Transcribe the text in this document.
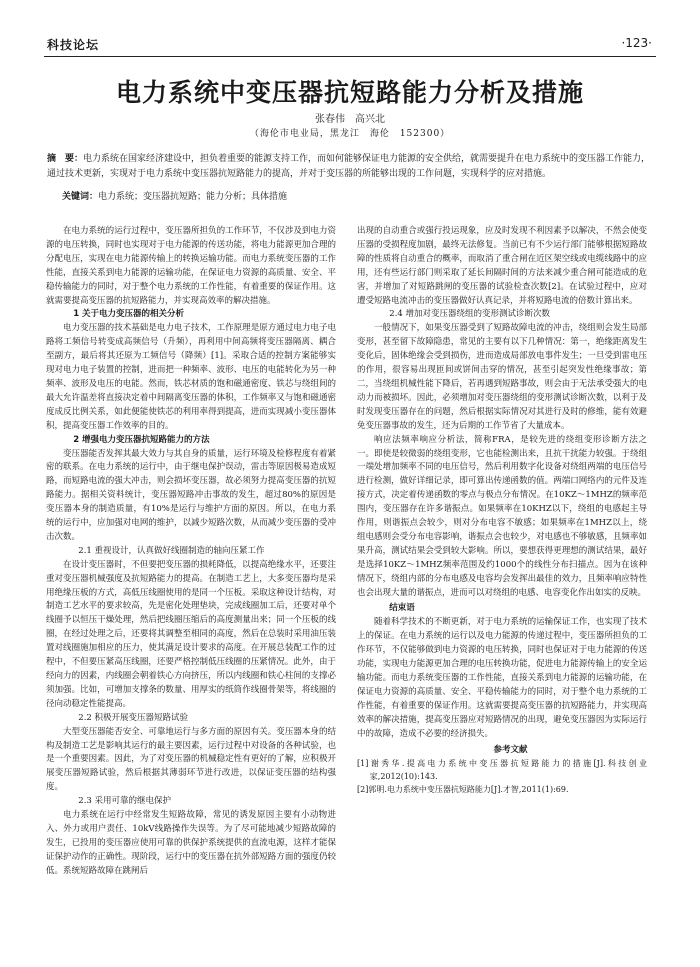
科技论坛	·123·
电力系统中变压器抗短路能力分析及措施
张春伟　高兴北
（海伦市电业局，黑龙江　海伦　152300）
摘　要：电力系统在国家经济建设中，担负着重要的能源支持工作，而如何能够保证电力能源的安全供给，就需要提升在电力系统中的变压器工作能力，通过技术更新，实现对于电力系统中变压器抗短路能力的提高，并对于变压器的所能够出现的工作问题，实现科学的应对措施。
关键词：电力系统；变压器抗短路；能力分析；具体措施

在电力系统的运行过程中，变压器所担负的工作环节，不仅涉及到电力资源的电压转换，同时也实现对于电力能源的传送功能，将电力能源更加合理的分配电压，实现在电力能源传输上的转换运输功能。而电力系统变压器的工作性能，直接关系到电力能源的运输功能，在保证电力资源的高质量、安全、平稳传输能力的同时，对于整个电力系统的工作性能，有着重要的保证作用。这就需要提高变压器的抗短路能力，并实现高效率的解决措施。

1 关于电力变压器的相关分析

电力变压器的技术基础是电力电子技术，工作原理是原方通过电力电子电路将工频信号转变成高频信号（升频），再利用中间高频将变压器隔离、耦合至副方，最后将其还原为工频信号（降频）[1]。采取合适的控制方案能够实现对电力电子装置的控制，进而把一种频率、波形、电压的电能转化为另一种频率、波形及电压的电能。然而，铁芯材质的饱和磁通密度、铁芯与绕组间的最大允许温差将直接决定着中间隔离变压器的体积，工作频率又与饱和磁通密度成反比例关系，如此便能使铁芯的利用率得到提高，进而实现减小变压器体积，提高变压器工作效率的目的。

2 增强电力变压器抗短路能力的方法

变压器能否发挥其最大效力与其自身的质量，运行环境及检修程度有着紧密的联系。在电力系统的运行中，由于继电保护误动，雷击等原因极易造成短路，而短路电流的强大冲击，则会损坏变压器，故必须努力提高变压器的抗短路能力。据相关资料统计，变压器短路冲击事故的发生，超过80%的原因是变压器本身的制造质量，有10%是运行与维护方面的原因。所以，在电力系统的运行中，应加强对电网的维护，以减少短路次数，从而减少变压器的受冲击次数。

2.1 重视设计，认真做好线圈制造的轴向压紧工作

在设计变压器时，不但要把变压器的损耗降低，以提高绝缘水平，还要注重对变压器机械强度及抗短路能力的提高。在制造工艺上，大多变压器均是采用绝缘压板的方式，高低压线圈使用的是同一个压板。采取这种设计结构，对制造工艺水平的要求较高，先是密化处理垫块，完成线圈加工后，还要对单个线圈予以恒压干燥处理，然后把线圈压缩后的高度测量出来；同一个压板的线圈，在经过处理之后，还要将其调整至相同的高度，然后在总装时采用油压装置对线圈施加相应的压力，使其满足设计要求的高度。在开展总装配工作的过程中，不但要压紧高压线圈，还要严格控制低压线圈的压紧情况。此外，由于经向力的因素，内线圈会朝着铁心方向挤压，所以内线圈和铁心柱间的支撑必须加强。比如，可增加支撑条的数量、用厚实的纸筒作线圈骨架等，将线圈的径向动稳定性能提高。

2.2 积极开展变压器短路试验

大型变压器能否安全、可靠地运行与多方面的原因有关。变压器本身的结构及制造工艺是影响其运行的最主要因素，运行过程中对设备的各种试验，也是一个重要因素。因此，为了对变压器的机械稳定性有更好的了解，应积极开展变压器短路试验，然后根据其薄弱环节进行改进，以保证变压器的结构强度。

2.3 采用可靠的继电保护

电力系统在运行中经常发生短路故障，常见的诱发原因主要有小动物进入、外力或用户责任、10kV线路操作失误等。为了尽可能地减少短路故障的发生，已投用的变压器应使用可靠的供保护系统提供的直流电源，这样才能保证保护动作的正确性。现阶段，运行中的变压器在抗外部短路方面的强度仍较低。系统短路故障在跳闸后

出现的自动重合或强行投运现象，应及时发现不利因素予以解决，不然会使变压器的受损程度加剧，最终无法修复。当前已有不少运行部门能够根据短路故障的性质将自动重合的概率，而取消了重合闸在近区架空线或电缆线路中的应用，还有些运行部门则采取了延长间隔时间的方法来减少重合闸可能造成的危害，并增加了对短路跳闸的变压器的试验检查次数[2]。在试验过程中，应对遭受短路电流冲击的变压器做好认真记录，并将短路电流的倍数计算出来。

2.4 增加对变压器绕组的变形测试诊断次数

一般情况下，如果变压器受到了短路故障电流的冲击，绕组则会发生局部变形，甚至留下故障隐患，常见的主要有以下几种情况：第一，绝缘距离发生变化后，固体绝缘会受到损伤，进而造成局部放电事件发生；一旦受到雷电压的作用，很容易出现匝间或饼间击穿的情况，甚至引起突发性绝缘事故；第二，当绕组机械性能下降后，若再遇到短路事故，则会由于无法承受强大的电动力而被损坏。因此，必须增加对变压器绕组的变形测试诊断次数，以利于及时发现变压器存在的问题，然后根据实际情况对其进行及时的修维，能有效避免变压器事故的发生，还为后期的工作节省了大量成本。

响应法频率响应分析法，简称FRA，是较先进的绕组变形诊断方法之一。即使是较微弱的绕组变形，它也能检测出来，且抗干扰能力较强。于绕组一端处增加频率不同的电压信号，然后利用数字化设备对绕组两端的电压信号进行检测，做好详细记录，即可算出传递函数的值。两端口网络内的元件及连接方式，决定着传递函数的零点与极点分布情况。在10KZ～1MHZ的频率范围内，变压器存在许多谐振点。如果频率在10KHZ以下，绕组的电感起主导作用，则谐振点会较少，则对分布电容不敏感；如果频率在1MHZ以上，绕组电感则会受分布电容影响，谐振点会也较少，对电感也不够敏感，且频率如果升高，测试结果会受到较大影响。所以，要想获得更理想的测试结果，最好是选择10KZ～1MHZ频率范围及约1000个的线性分布扫描点。因为在该种情况下，绕组内部的分布电感及电容均会发挥出最佳的效力，且频率响应特性也会出现大量的谐振点，进而可以对绕组的电感、电容变化作出如实的反映。

结束语

随着科学技术的不断更新，对于电力系统的运输保证工作，也实现了技术上的保证。在电力系统的运行以及电力能源的传递过程中，变压器所担负的工作环节，不仅能够做到电力资源的电压转换，同时也保证对于电力能源的传送功能，实现电力能源更加合理的电压转换功能，促进电力能源传输上的安全运输功能。而电力系统变压器的工作性能，直接关系到电力能源的运输功能，在保证电力资源的高质量、安全、平稳传输能力的同时，对于整个电力系统的工作性能，有着重要的保证作用。这就需要提高变压器的抗短路能力，并实现高效率的解决措施，提高变压器应对短路情况的出现，避免变压器因为实际运行中的故障，造成不必要的经济损失。

参考文献

[1]谢秀华.提高电力系统中变压器抗短路能力的措施[J].科技创业家,2012(10):143.

[2]郭明.电力系统中变压器抗短路能力[J].才智,2011(1):69.
